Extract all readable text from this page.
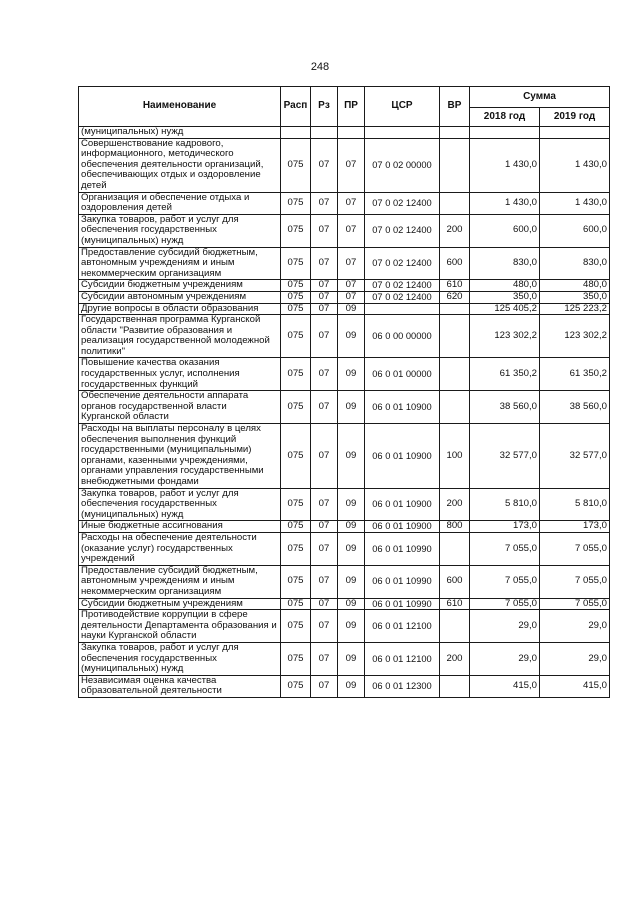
248
Наименование	Расп	Рз	ПР	ЦСР	ВР	Сумма	
						2018 год	2019 год
(муниципальных) нужд							
Совершенствование кадрового, информационного, методического обеспечения деятельности организаций, обеспечивающих отдых и оздоровление детей	075	07	07	07 0 02 00000		1 430,0	1 430,0
Организация и обеспечение отдыха и оздоровления детей	075	07	07	07 0 02 12400		1 430,0	1 430,0
Закупка товаров, работ и услуг для обеспечения государственных (муниципальных) нужд	075	07	07	07 0 02 12400	200	600,0	600,0
Предоставление субсидий бюджетным, автономным учреждениям и иным некоммерческим организациям	075	07	07	07 0 02 12400	600	830,0	830,0
Субсидии бюджетным учреждениям	075	07	07	07 0 02 12400	610	480,0	480,0
Субсидии автономным учреждениям	075	07	07	07 0 02 12400	620	350,0	350,0
Другие вопросы в области образования	075	07	09			125 405,2	125 223,2
Государственная программа Курганской области "Развитие образования и реализация государственной молодежной политики"	075	07	09	06 0 00 00000		123 302,2	123 302,2
Повышение качества оказания государственных услуг, исполнения государственных функций	075	07	09	06 0 01 00000		61 350,2	61 350,2
Обеспечение деятельности аппарата органов государственной власти Курганской области	075	07	09	06 0 01 10900		38 560,0	38 560,0
Расходы на выплаты персоналу в целях обеспечения выполнения функций государственными (муниципальными) органами, казенными учреждениями, органами управления государственными внебюджетными фондами	075	07	09	06 0 01 10900	100	32 577,0	32 577,0
Закупка товаров, работ и услуг для обеспечения государственных (муниципальных) нужд	075	07	09	06 0 01 10900	200	5 810,0	5 810,0
Иные бюджетные ассигнования	075	07	09	06 0 01 10900	800	173,0	173,0
Расходы на обеспечение деятельности (оказание услуг) государственных учреждений	075	07	09	06 0 01 10990		7 055,0	7 055,0
Предоставление субсидий бюджетным, автономным учреждениям и иным некоммерческим организациям	075	07	09	06 0 01 10990	600	7 055,0	7 055,0
Субсидии бюджетным учреждениям	075	07	09	06 0 01 10990	610	7 055,0	7 055,0
Противодействие коррупции в сфере деятельности Департамента образования и науки Курганской области	075	07	09	06 0 01 12100		29,0	29,0
Закупка товаров, работ и услуг для обеспечения государственных (муниципальных) нужд	075	07	09	06 0 01 12100	200	29,0	29,0
Независимая оценка качества образовательной деятельности	075	07	09	06 0 01 12300		415,0	415,0
